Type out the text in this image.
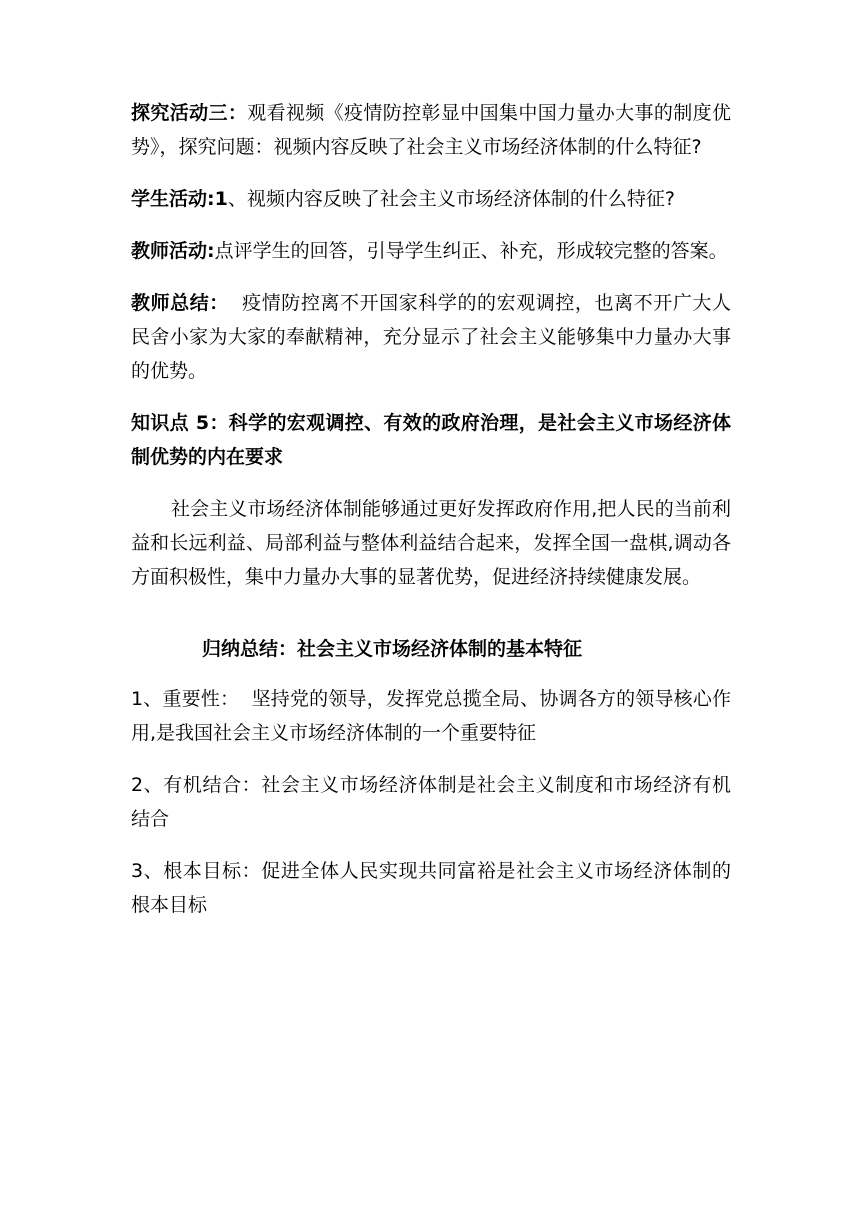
探究活动三：观看视频《疫情防控彰显中国集中国力量办大事的制度优势》，探究问题：视频内容反映了社会主义市场经济体制的什么特征?

学生活动:1、视频内容反映了社会主义市场经济体制的什么特征?

教师活动:点评学生的回答，引导学生纠正、补充，形成较完整的答案。

教师总结：  疫情防控离不开国家科学的的宏观调控，也离不开广大人民舍小家为大家的奉献精神，充分显示了社会主义能够集中力量办大事的优势。

知识点 5：科学的宏观调控、有效的政府治理，是社会主义市场经济体制优势的内在要求

社会主义市场经济体制能够通过更好发挥政府作用,把人民的当前利益和长远利益、局部利益与整体利益结合起来，发挥全国一盘棋,调动各方面积极性，集中力量办大事的显著优势，促进经济持续健康发展。

归纳总结：社会主义市场经济体制的基本特征

1、重要性：  坚持党的领导，发挥党总揽全局、协调各方的领导核心作用,是我国社会主义市场经济体制的一个重要特征

2、有机结合：社会主义市场经济体制是社会主义制度和市场经济有机结合

3、根本目标：促进全体人民实现共同富裕是社会主义市场经济体制的根本目标
